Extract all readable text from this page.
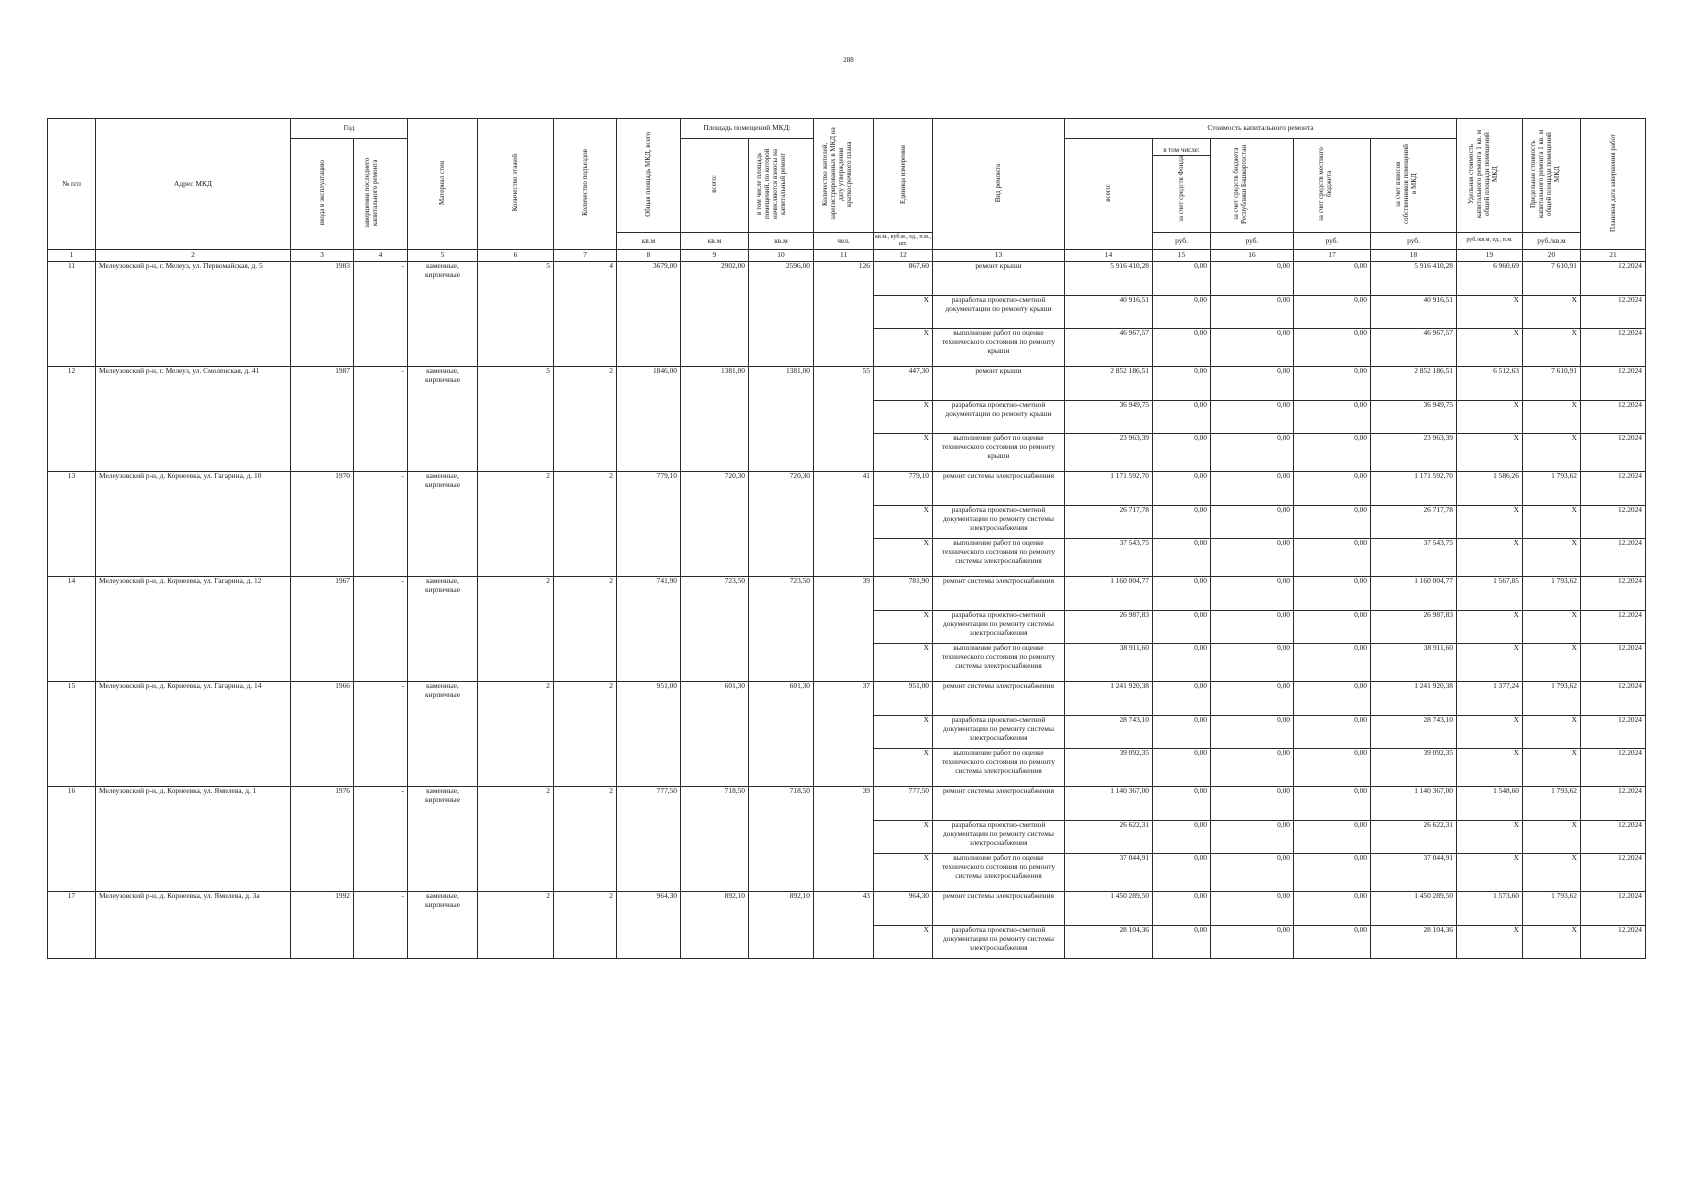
288
№ п/п	Адрес МКД	Год		Материал стен	Количество этажей	Количество подъездов	Общая площадь МКД, всего	Площадь помещений МКД:		Количество жителей, зарегистрированных в МКД на дату утверждения краткосрочного плана	Единица измерения	Вид ремонта	Стоимость капитального ремонта					Удельная стоимость капитального ремонта 1 кв. м общей площади помещений МКД	Предельная стоимость капитального ремонта 1 кв. м общей площади помещений МКД	Плановая дата завершения работ
		ввода в эксплуатацию	завершения последнего капитального ремонта					всего:	в том числе площадь помещений, по которой начисляются взносы на капитальный ремонт				всего:	в том числе:
за счет средств Фонда	за счет средств бюджета Республики Башкортостан	за счет средств местного бюджета	за счет взносов собственников помещений в МКД			
							кв.м	кв.м	кв.м	чел.	кв.м., куб.м., ед., п.м., шт.			руб.	руб.	руб.	руб.	руб./кв.м, ед., п.м.	руб./кв.м	
1	2	3	4	5	6	7	8	9	10	11	12	13	14	15	16	17	18	19	20	21
11	Мелеузовский р-н, г. Мелеуз, ул. Первомайская, д. 5	1983	-	каменные, кирпичные	5	4	3679,00	2902,00	2596,00	126	867,60	ремонт крыши	5 916 410,28	0,00	0,00	0,00	5 916 410,28	6 960,69	7 610,91	12.2024
											X	разработка проектно-сметной документации по ремонту крыши	40 916,51	0,00	0,00	0,00	40 916,51	X	X	12.2024
											X	выполнение работ по оценке технического состояния по ремонту крыши	46 967,57	0,00	0,00	0,00	46 967,57	X	X	12.2024
12	Мелеузовский р-н, г. Мелеуз, ул. Смоленская, д. 41	1987	-	каменные, кирпичные	5	2	1846,00	1381,00	1381,00	55	447,30	ремонт крыши	2 852 186,51	0,00	0,00	0,00	2 852 186,51	6 512,63	7 610,91	12.2024
											X	разработка проектно-сметной документации по ремонту крыши	36 949,75	0,00	0,00	0,00	36 949,75	X	X	12.2024
											X	выполнение работ по оценке технического состояния по ремонту крыши	23 963,39	0,00	0,00	0,00	23 963,39	X	X	12.2024
13	Мелеузовский р-н, д. Корнеевка, ул. Гагарина, д. 10	1970	-	каменные, кирпичные	2	2	779,10	720,30	720,30	41	779,10	ремонт системы электроснабжения	1 171 592,70	0,00	0,00	0,00	1 171 592,70	1 586,26	1 793,62	12.2024
											X	разработка проектно-сметной документации по ремонту системы электроснабжения	26 717,78	0,00	0,00	0,00	26 717,78	X	X	12.2024
											X	выполнение работ по оценке технического состояния по ремонту системы электроснабжения	37 543,75	0,00	0,00	0,00	37 543,75	X	X	12.2024
14	Мелеузовский р-н, д. Корнеевка, ул. Гагарина, д. 12	1967	-	каменные, кирпичные	2	2	741,90	723,50	723,50	39	781,90	ремонт системы электроснабжения	1 160 004,77	0,00	0,00	0,00	1 160 004,77	1 567,85	1 793,62	12.2024
											X	разработка проектно-сметной документации по ремонту системы электроснабжения	26 987,83	0,00	0,00	0,00	26 987,83	X	X	12.2024
											X	выполнение работ по оценке технического состояния по ремонту системы электроснабжения	38 911,60	0,00	0,00	0,00	38 911,60	X	X	12.2024
15	Мелеузовский р-н, д. Корнеевка, ул. Гагарина, д. 14	1966	-	каменные, кирпичные	2	2	951,00	601,30	601,30	37	951,00	ремонт системы электроснабжения	1 241 920,38	0,00	0,00	0,00	1 241 920,38	1 377,24	1 793,62	12.2024
											X	разработка проектно-сметной документации по ремонту системы электроснабжения	28 743,10	0,00	0,00	0,00	28 743,10	X	X	12.2024
											X	выполнение работ по оценке технического состояния по ремонту системы электроснабжения	39 092,35	0,00	0,00	0,00	39 092,35	X	X	12.2024
16	Мелеузовский р-н, д. Корнеевка, ул. Ямилева, д. 1	1976	-	каменные, кирпичные	2	2	777,50	718,50	718,50	39	777,50	ремонт системы электроснабжения	1 140 367,00	0,00	0,00	0,00	1 140 367,00	1 548,60	1 793,62	12.2024
											X	разработка проектно-сметной документации по ремонту системы электроснабжения	26 622,31	0,00	0,00	0,00	26 622,31	X	X	12.2024
											X	выполнение работ по оценке технического состояния по ремонту системы электроснабжения	37 044,91	0,00	0,00	0,00	37 044,91	X	X	12.2024
17	Мелеузовский р-н, д. Корнеевка, ул. Ямилева, д. 3а	1992	-	каменные, кирпичные	2	2	964,30	892,10	892,10	43	964,30	ремонт системы электроснабжения	1 450 289,50	0,00	0,00	0,00	1 450 289,50	1 573,60	1 793,62	12.2024
											X	разработка проектно-сметной документации по ремонту системы электроснабжения	28 104,36	0,00	0,00	0,00	28 104,36	X	X	12.2024
